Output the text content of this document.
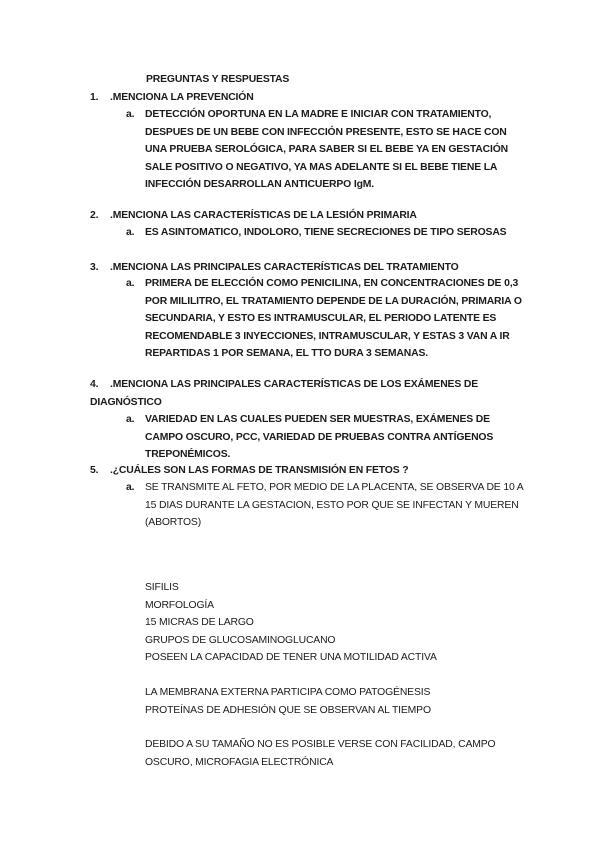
PREGUNTAS Y RESPUESTAS
1. .MENCIONA LA PREVENCIÓN
a. DETECCIÓN OPORTUNA EN LA MADRE E INICIAR CON TRATAMIENTO, DESPUES DE UN BEBE CON INFECCIÓN PRESENTE, ESTO SE HACE CON UNA PRUEBA SEROLÓGICA, PARA SABER SI EL BEBE YA EN GESTACIÓN SALE POSITIVO O NEGATIVO, YA MAS ADELANTE SI EL BEBE TIENE LA INFECCIÓN DESARROLLAN ANTICUERPO IgM.
2. .MENCIONA LAS CARACTERÍSTICAS DE LA LESIÓN PRIMARIA
a. ES ASINTOMATICO, INDOLORO, TIENE SECRECIONES DE TIPO SEROSAS
3. .MENCIONA LAS PRINCIPALES CARACTERÍSTICAS DEL TRATAMIENTO
a. PRIMERA DE ELECCIÓN COMO PENICILINA, EN CONCENTRACIONES DE 0,3 POR MILILITRO, EL TRATAMIENTO DEPENDE DE LA DURACIÓN, PRIMARIA O SECUNDARIA, Y ESTO ES INTRAMUSCULAR, EL PERIODO LATENTE ES RECOMENDABLE 3 INYECCIONES, INTRAMUSCULAR, Y ESTAS 3 VAN A IR REPARTIDAS 1 POR SEMANA, EL TTO DURA 3 SEMANAS.
4.	.MENCIONA LAS PRINCIPALES CARACTERÍSTICAS DE LOS EXÁMENES DE DIAGNÓSTICO
a. VARIEDAD EN LAS CUALES PUEDEN SER MUESTRAS, EXÁMENES DE CAMPO OSCURO, PCC, VARIEDAD DE PRUEBAS CONTRA ANTÍGENOS TREPONÉMICOS.
5. .¿CUÁLES SON LAS FORMAS DE TRANSMISIÓN EN FETOS ?
a. SE TRANSMITE AL FETO, POR MEDIO DE LA PLACENTA, SE OBSERVA DE 10 A 15 DIAS DURANTE LA GESTACION, ESTO POR QUE SE INFECTAN Y MUEREN (ABORTOS)
SIFILIS
MORFOLOGÍA
15 MICRAS DE LARGO
GRUPOS DE GLUCOSAMINOGLUCANO
POSEEN LA CAPACIDAD DE TENER UNA MOTILIDAD ACTIVA
LA MEMBRANA EXTERNA PARTICIPA COMO PATOGÉNESIS
PROTEÍNAS DE ADHESIÓN QUE SE OBSERVAN AL TIEMPO
DEBIDO A SU TAMAÑO NO ES POSIBLE VERSE CON FACILIDAD, CAMPO
OSCURO, MICROFAGIA ELECTRÓNICA
